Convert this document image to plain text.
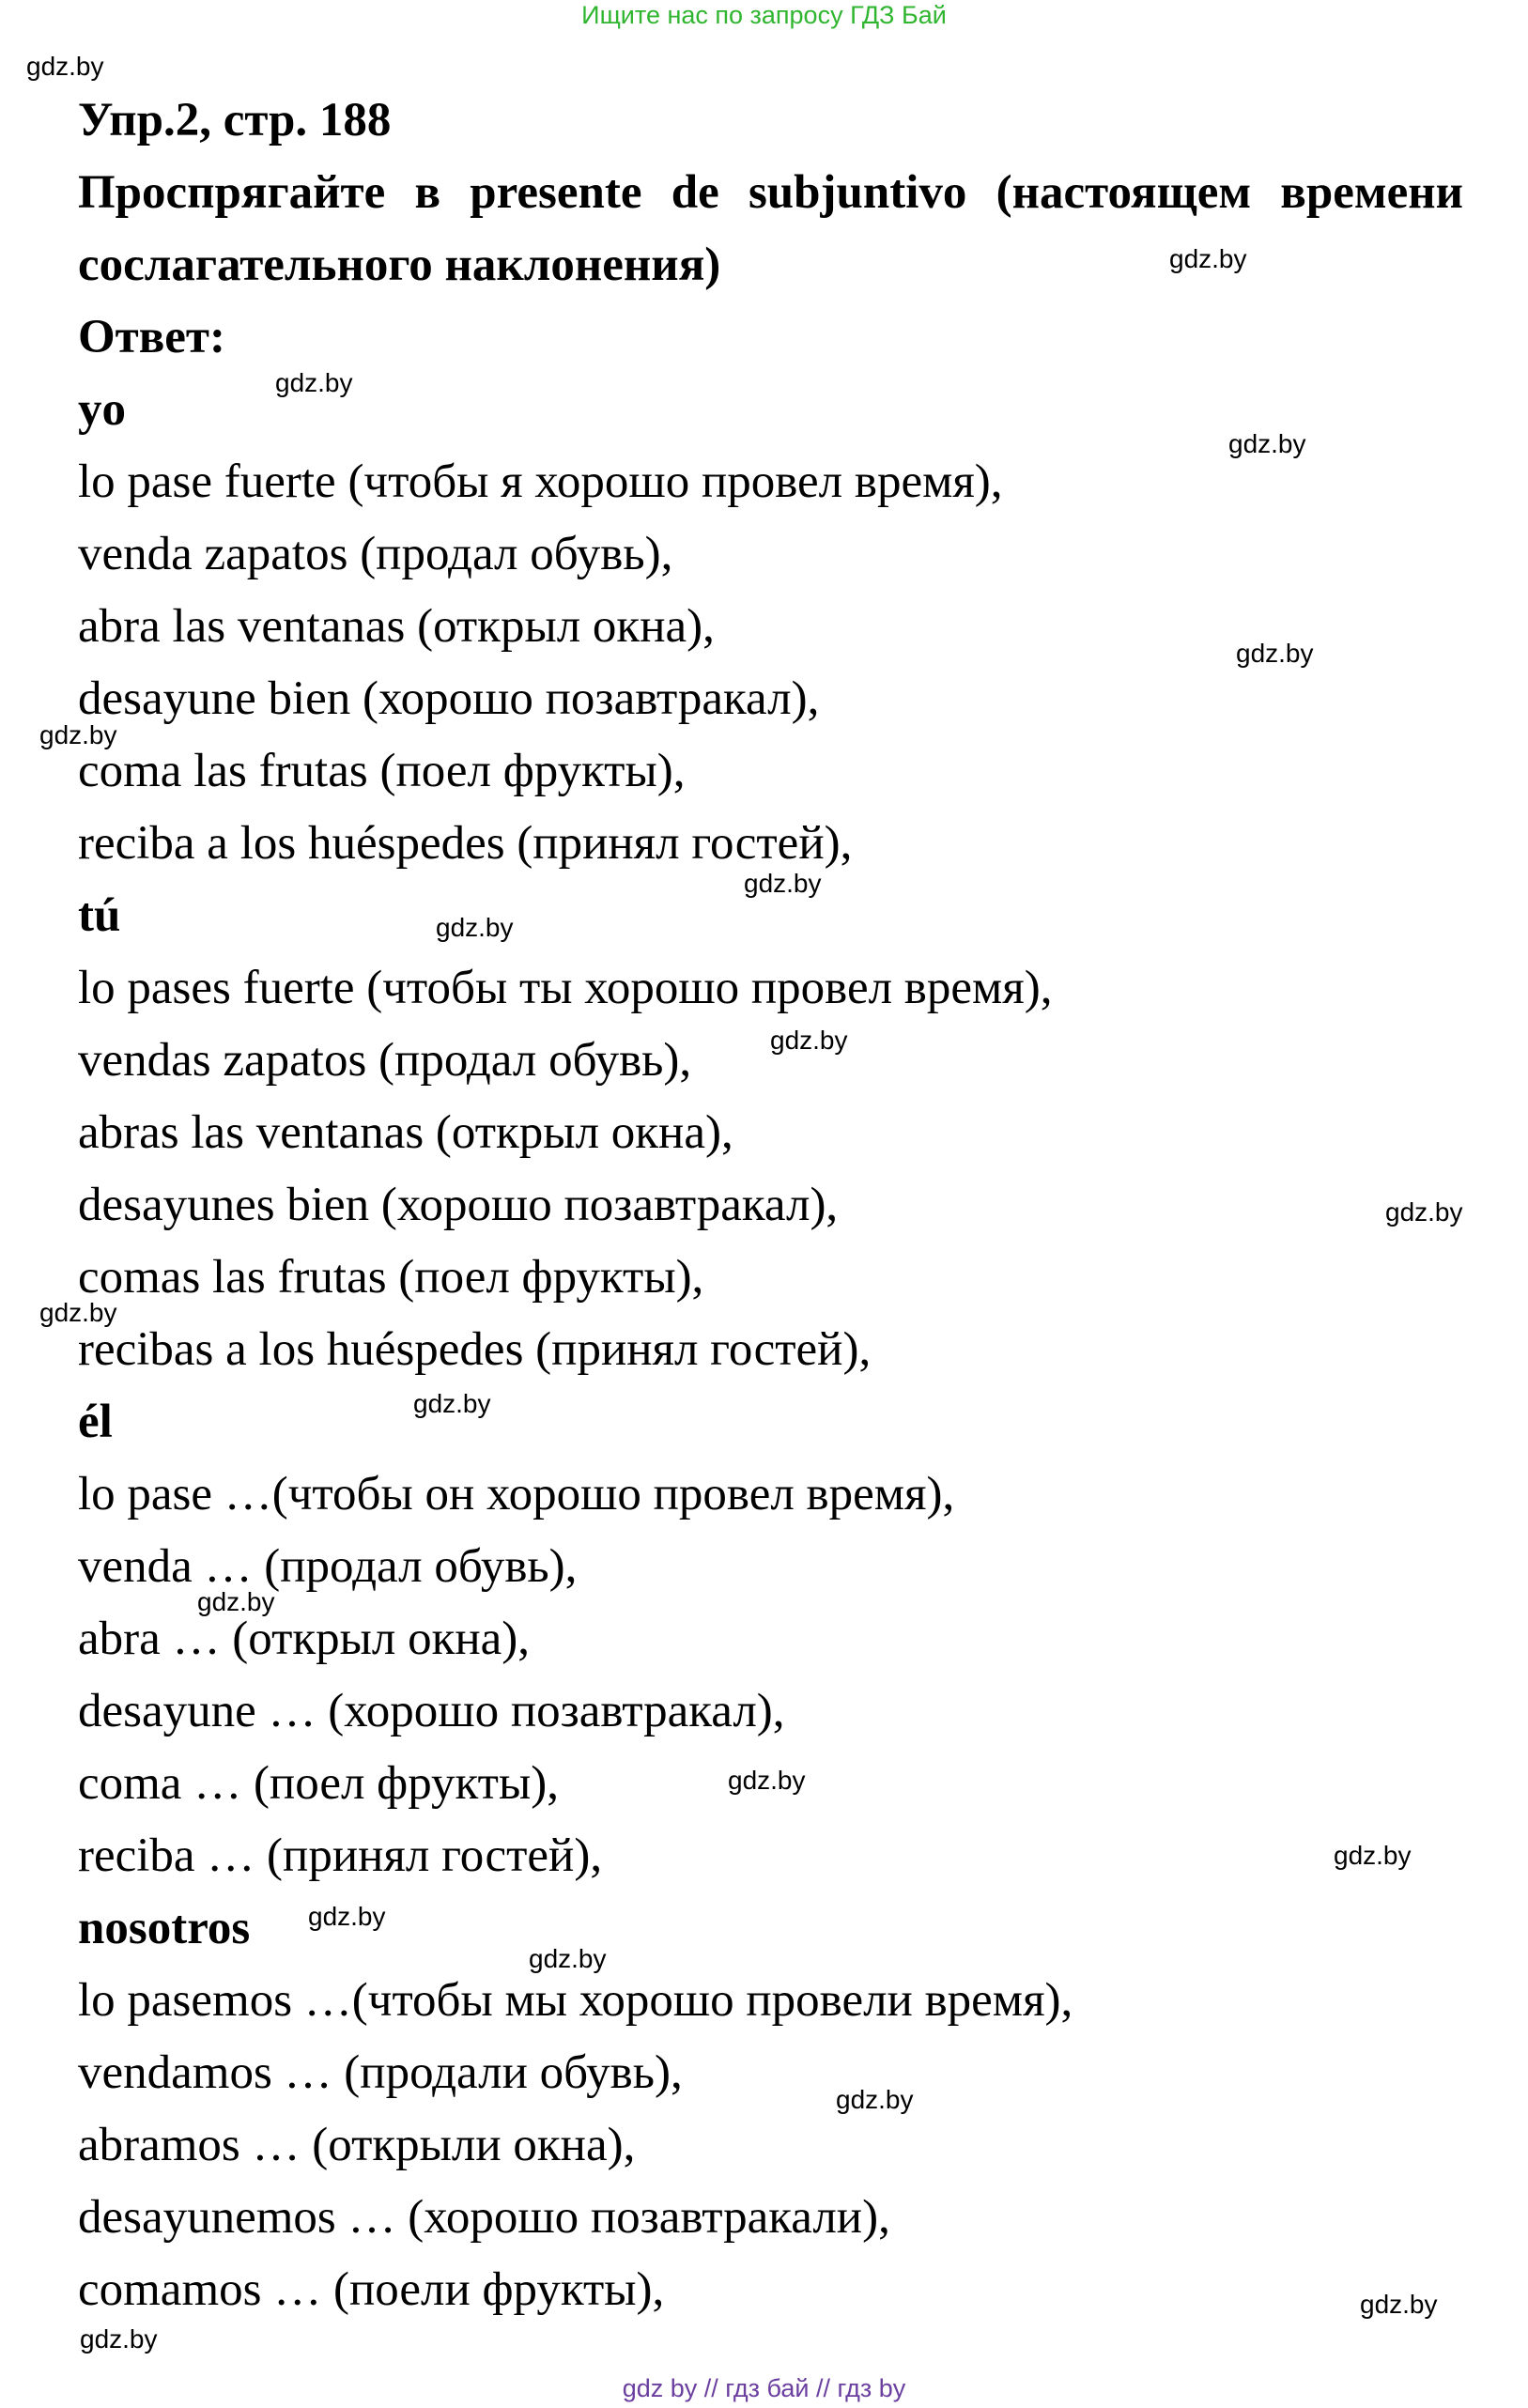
Ищите нас по запросу ГДЗ Бай

Упр.2, стр. 188

Проспрягайте в presente de subjuntivo (настоящем времени сослагательного наклонения)

Ответ:

yo

lo pase fuerte (чтобы я хорошо провел время),

venda zapatos (продал обувь),

abra las ventanas (открыл окна),

desayune bien (хорошо позавтракал),

coma las frutas (поел фрукты),

reciba a los huéspedes (принял гостей),

tú

lo pases fuerte (чтобы ты хорошо провел время),

vendas zapatos (продал обувь),

abras las ventanas (открыл окна),

desayunes bien (хорошо позавтракал),

comas las frutas (поел фрукты),

recibas a los huéspedes (принял гостей),

él

lo pase …(чтобы он хорошо провел время),

venda … (продал обувь),

abra … (открыл окна),

desayune … (хорошо позавтракал),

coma … (поел фрукты),

reciba … (принял гостей),

nosotros

lo pasemos …(чтобы мы хорошо провели время),

vendamos … (продали обувь),

abramos … (открыли окна),

desayunemos … (хорошо позавтракали),

comamos … (поели фрукты),

gdz.by
gdz.by
gdz.by
gdz.by
gdz.by
gdz.by
gdz.by
gdz.by
gdz.by
gdz.by
gdz.by
gdz.by
gdz.by
gdz.by
gdz.by
gdz.by
gdz.by
gdz.by
gdz.by
gdz.by
gdz by // гдз бай // гдз by
